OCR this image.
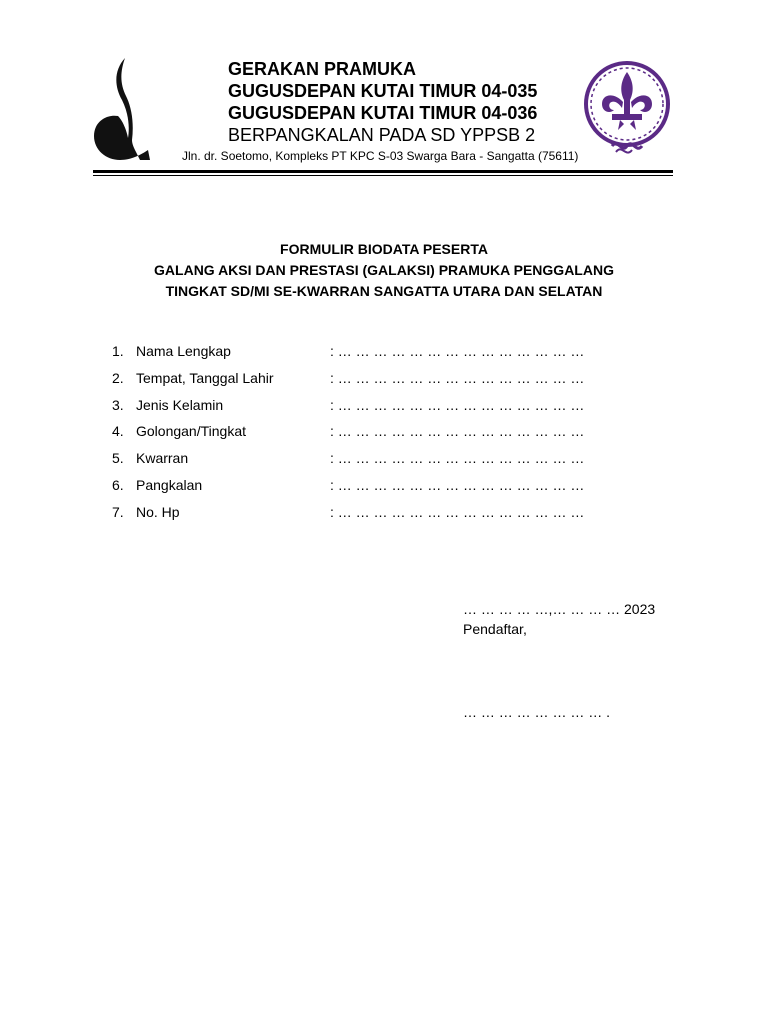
GERAKAN PRAMUKA
GUGUSDEPAN KUTAI TIMUR 04-035
GUGUSDEPAN KUTAI TIMUR 04-036
BERPANGKALAN PADA SD YPPSB 2
Jln. dr. Soetomo, Kompleks PT KPC S-03 Swarga Bara - Sangatta (75611)
FORMULIR BIODATA PESERTA
GALANG AKSI DAN PRESTASI (GALAKSI) PRAMUKA PENGGALANG
TINGKAT SD/MI SE-KWARRAN SANGATTA UTARA DAN SELATAN
1. Nama Lengkap	: … … … … … … … … … … … … … …
2. Tempat, Tanggal Lahir	: … … … … … … … … … … … … … …
3. Jenis Kelamin	: … … … … … … … … … … … … … …
4. Golongan/Tingkat	: … … … … … … … … … … … … … …
5. Kwarran	: … … … … … … … … … … … … … …
6. Pangkalan	: … … … … … … … … … … … … … …
7. No. Hp	: … … … … … … … … … … … … … …
… … … … …,… … … … 2023
Pendaftar,
… … … … … … … … .
